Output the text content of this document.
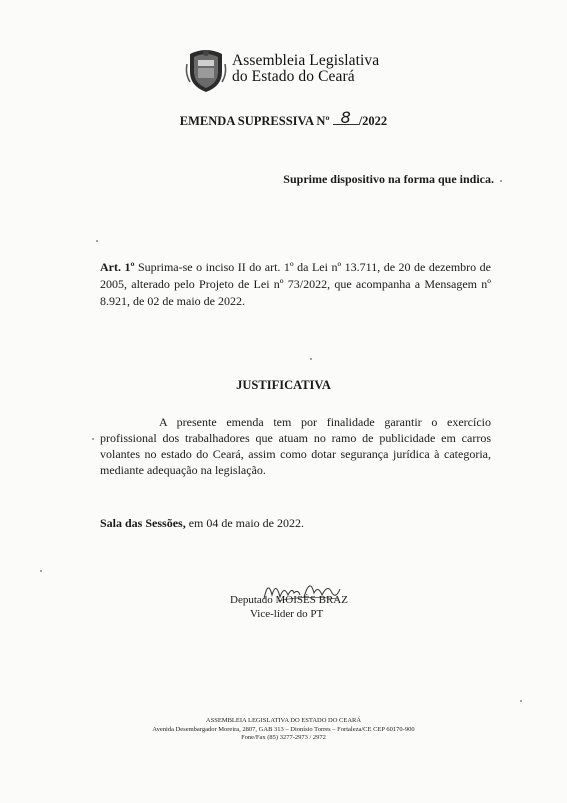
Assembleia Legislativa
do Estado do Ceará
EMENDA SUPRESSIVA Nº 8 /2022
Suprime dispositivo na forma que indica.
Art. 1º Suprima-se o inciso II do art. 1º da Lei nº 13.711, de 20 de dezembro de 2005, alterado pelo Projeto de Lei nº 73/2022, que acompanha a Mensagem nº 8.921, de 02 de maio de 2022.
JUSTIFICATIVA
A presente emenda tem por finalidade garantir o exercício profissional dos trabalhadores que atuam no ramo de publicidade em carros volantes no estado do Ceará, assim como dotar segurança jurídica à categoria, mediante adequação na legislação.
Sala das Sessões, em 04 de maio de 2022.
Deputado MOISÉS BRAZ
Vice-líder do PT
ASSEMBLEIA LEGISLATIVA DO ESTADO DO CEARÁ
Avenida Desembargador Moreira, 2807, GAB 313 – Dionísio Torres – Fortaleza/CE CEP 60170-900
Fone/Fax (85) 3277-2973 / 2972
